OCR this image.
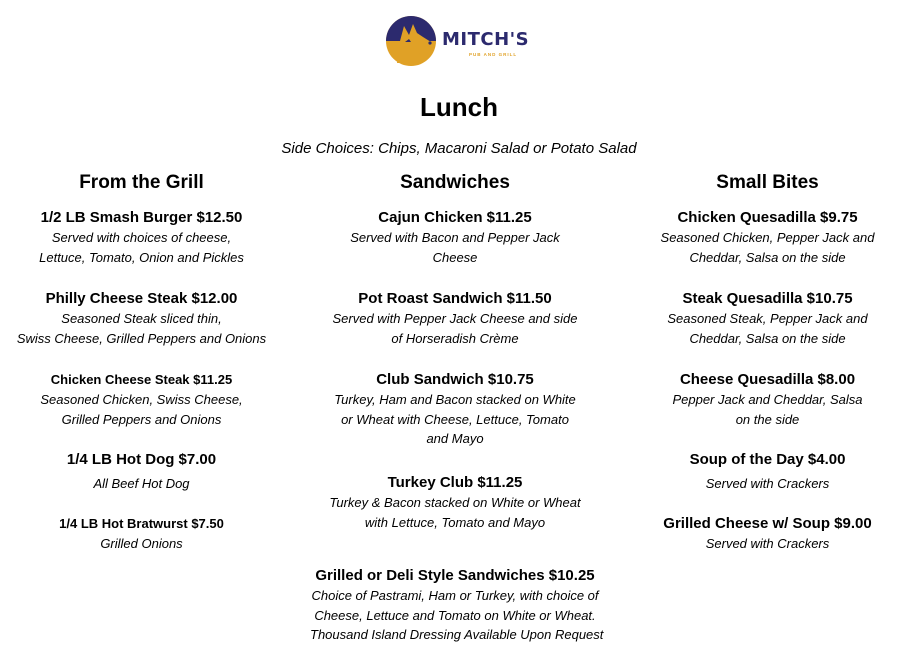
MITCH'S
PUB AND GRILL
Lunch
Side Choices: Chips, Macaroni Salad or Potato Salad
From the Grill
1/2 LB Smash Burger $12.50
Served with choices of cheese,
Lettuce, Tomato, Onion and Pickles
Philly Cheese Steak $12.00
Seasoned Steak sliced thin,
Swiss Cheese, Grilled Peppers and Onions
Chicken Cheese Steak $11.25
Seasoned Chicken, Swiss Cheese,
Grilled Peppers and Onions
1/4 LB Hot Dog $7.00
All Beef Hot Dog
1/4 LB Hot Bratwurst $7.50
Grilled Onions
Sandwiches
Cajun Chicken $11.25
Served with Bacon and Pepper Jack
Cheese
Pot Roast Sandwich $11.50
Served with Pepper Jack Cheese and side
of Horseradish Crème
Club Sandwich $10.75
Turkey, Ham and Bacon stacked on White
or Wheat with Cheese, Lettuce, Tomato
and Mayo
Turkey Club $11.25
Turkey & Bacon stacked on White or Wheat
with Lettuce, Tomato and Mayo
Grilled or Deli Style Sandwiches $10.25
Choice of Pastrami, Ham or Turkey, with choice of
Cheese, Lettuce and Tomato on White or Wheat.
Thousand Island Dressing Available Upon Request
Small Bites
Chicken Quesadilla $9.75
Seasoned Chicken, Pepper Jack and
Cheddar, Salsa on the side
Steak Quesadilla $10.75
Seasoned Steak, Pepper Jack and
Cheddar, Salsa on the side
Cheese Quesadilla $8.00
Pepper Jack and Cheddar, Salsa
on the side
Soup of the Day $4.00
Served with Crackers
Grilled Cheese w/ Soup $9.00
Served with Crackers
